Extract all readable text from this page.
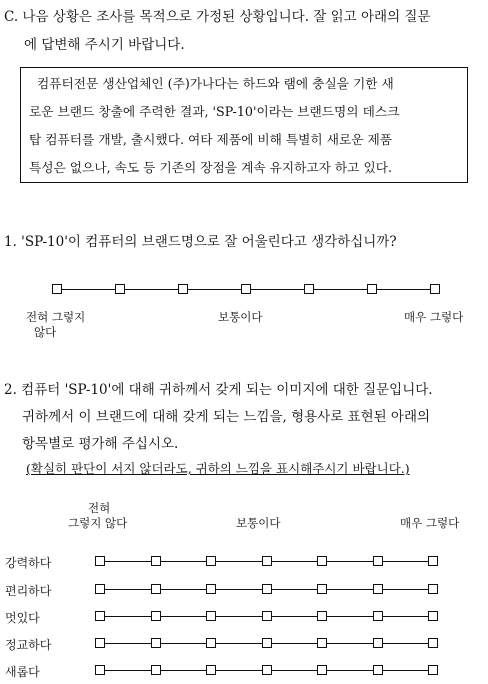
C. 나음 상황은 조사를 목적으로 가정된 상황입니다. 잘 읽고 아래의 질문
에 답변해 주시기 바랍니다.
컴퓨터전문 생산업체인 (주)가나다는 하드와 램에 충실을 기한 새
로운 브랜드 창출에 주력한 결과, 'SP-10'이라는 브랜드명의 데스크
탑 컴퓨터를 개발, 출시했다. 여타 제품에 비해 특별히 새로운 제품
특성은 없으나, 속도 등 기존의 장점을 계속 유지하고자 하고 있다.
1. 'SP-10'이 컴퓨터의 브랜드명으로 잘 어울린다고 생각하십니까?
전혀 그렇지
않다
보통이다	매우 그렇다
2. 컴퓨터 'SP-10'에 대해 귀하께서 갖게 되는 이미지에 대한 질문입니다.
귀하께서 이 브랜드에 대해 갖게 되는 느낌을, 형용사로 표현된 아래의
항목별로 평가해 주십시오.
(확실히 판단이 서지 않더라도, 귀하의 느낌을 표시해주시기 바랍니다.)
전혀
그렇지 않다	보통이다	매우 그렇다
강력하다
편리하다
멋있다
정교하다
새롭다
